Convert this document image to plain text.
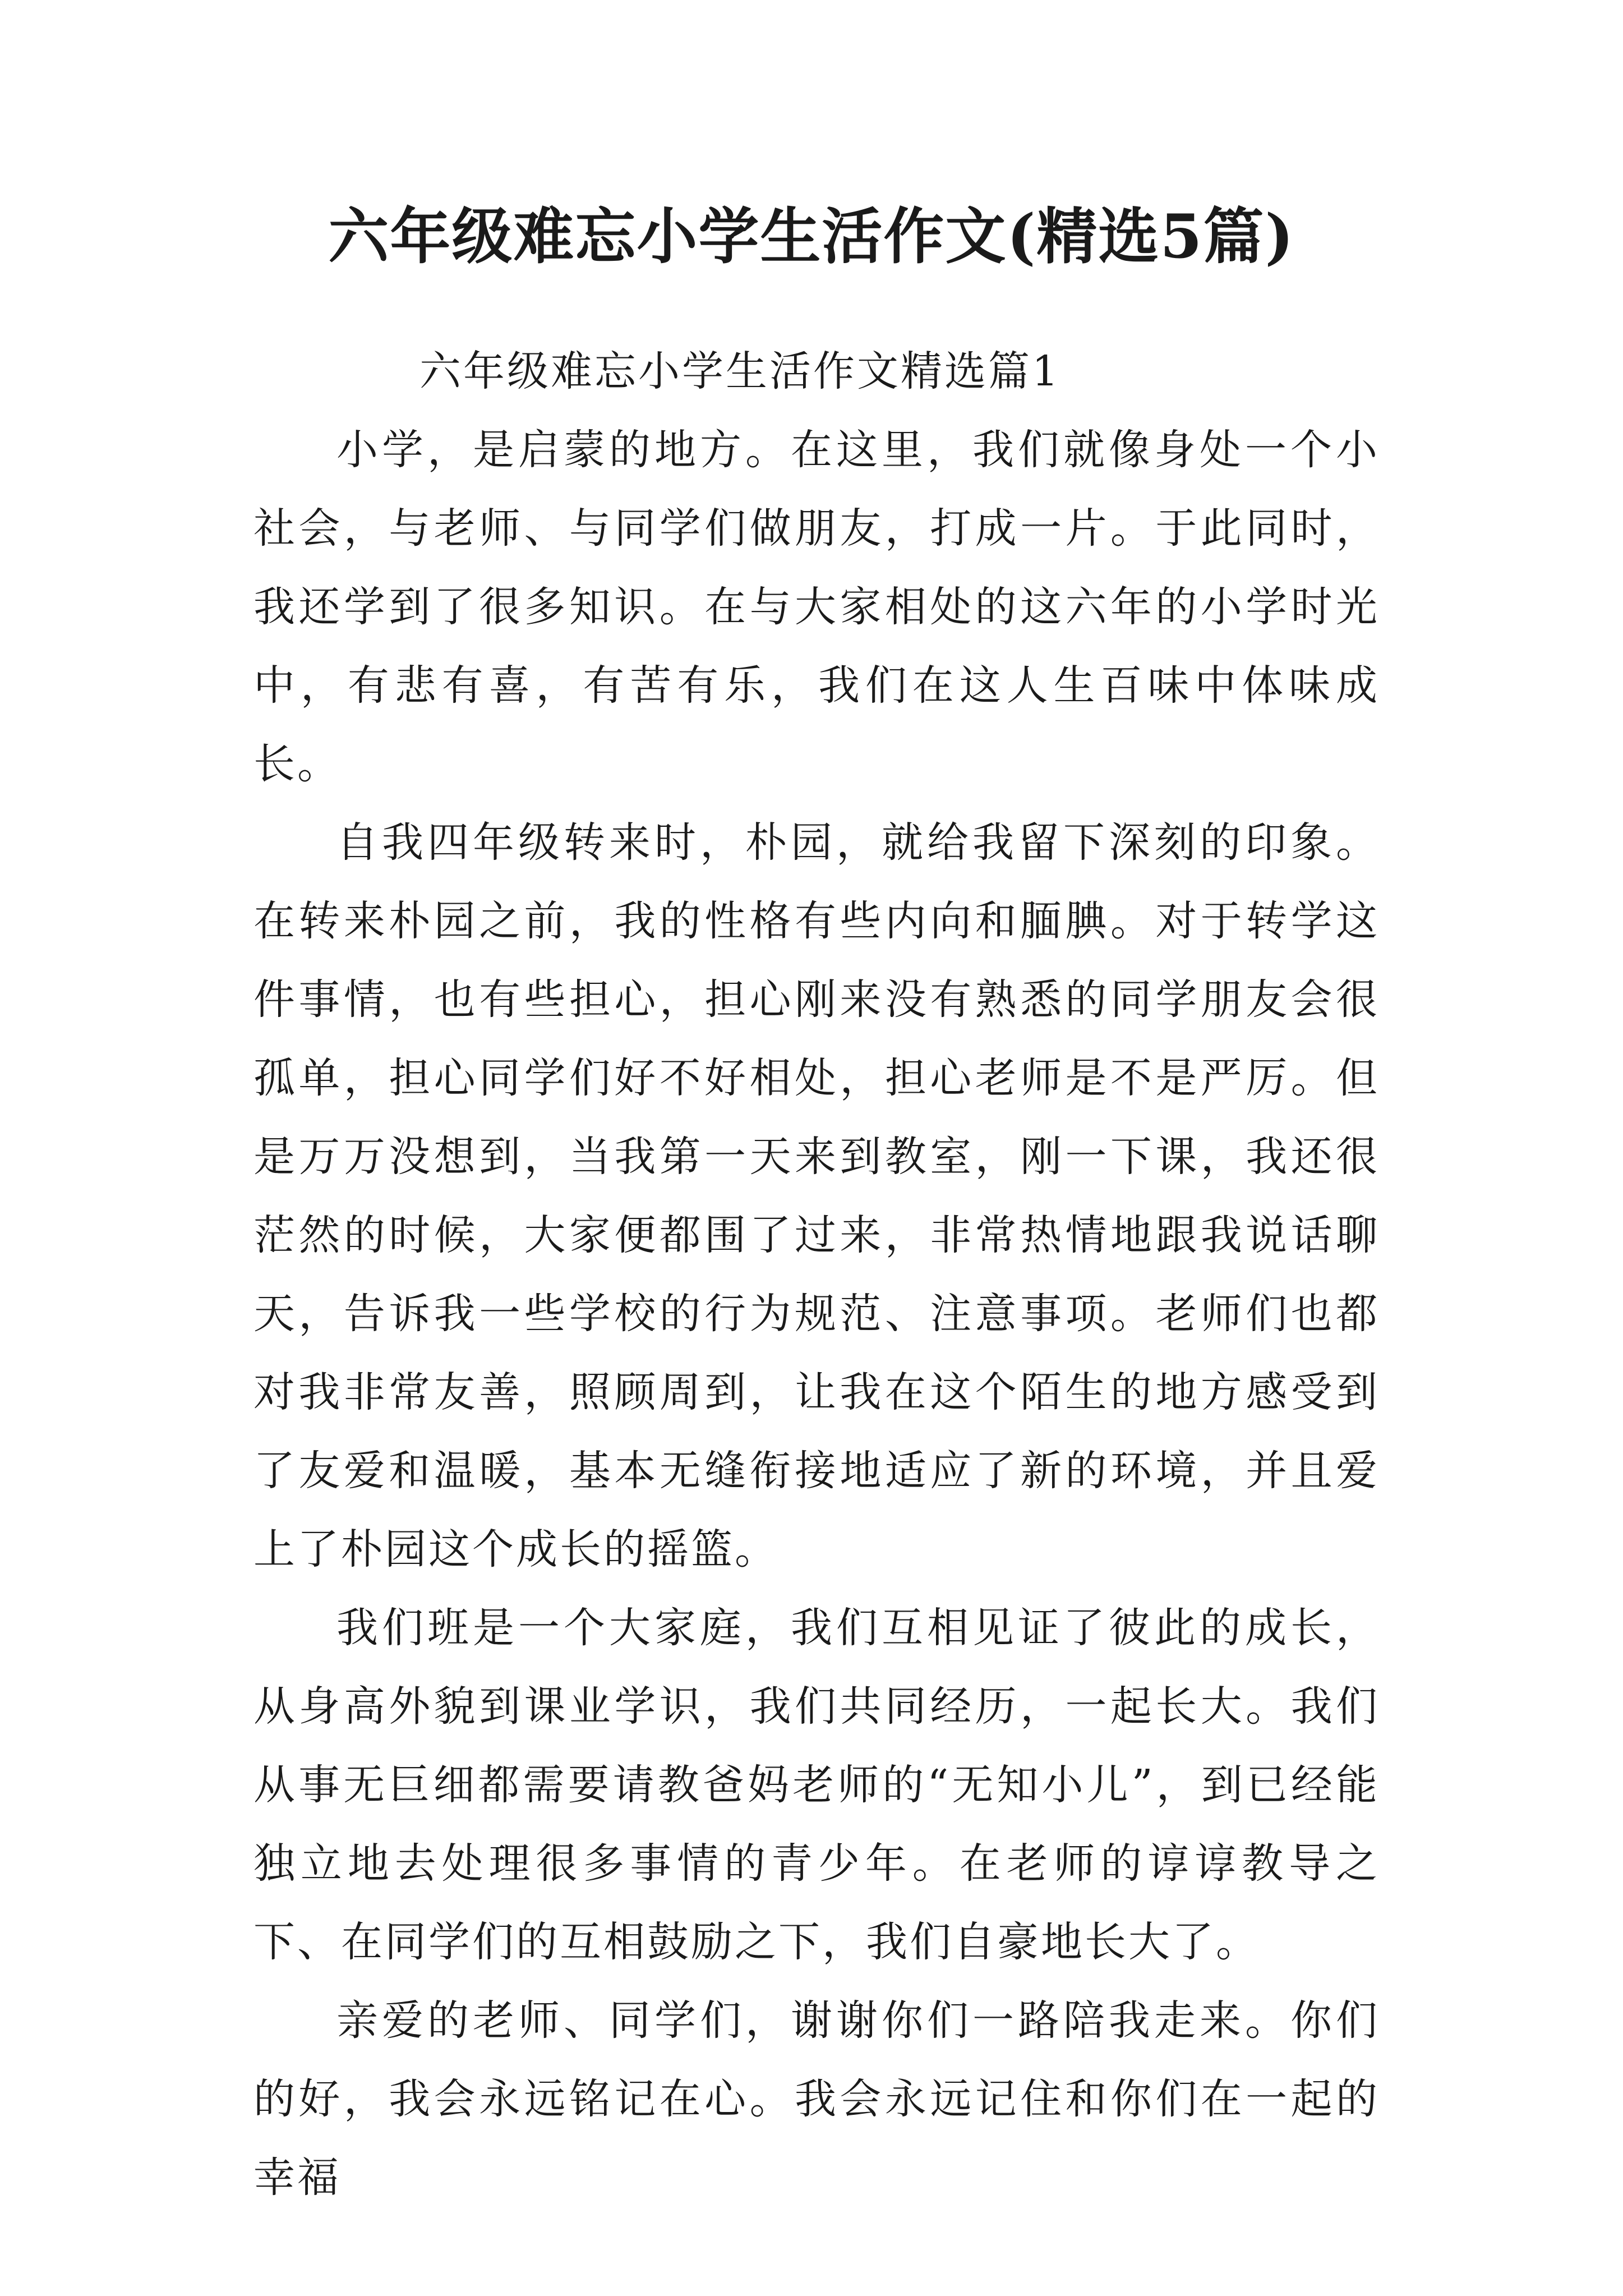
六年级难忘小学生活作文(精选5篇)

六年级难忘小学生活作文精选篇1

小学，是启蒙的地方。在这里，我们就像身处一个小社会，与老师、与同学们做朋友，打成一片。于此同时，我还学到了很多知识。在与大家相处的这六年的小学时光中，有悲有喜，有苦有乐，我们在这人生百味中体味成长。

自我四年级转来时，朴园，就给我留下深刻的印象。在转来朴园之前，我的性格有些内向和腼腆。对于转学这件事情，也有些担心，担心刚来没有熟悉的同学朋友会很孤单，担心同学们好不好相处，担心老师是不是严厉。但是万万没想到，当我第一天来到教室，刚一下课，我还很茫然的时候，大家便都围了过来，非常热情地跟我说话聊天，告诉我一些学校的行为规范、注意事项。老师们也都对我非常友善，照顾周到，让我在这个陌生的地方感受到了友爱和温暖，基本无缝衔接地适应了新的环境，并且爱上了朴园这个成长的摇篮。

我们班是一个大家庭，我们互相见证了彼此的成长，从身高外貌到课业学识，我们共同经历，一起长大。我们从事无巨细都需要请教爸妈老师的“无知小儿”，到已经能独立地去处理很多事情的青少年。在老师的谆谆教导之下、在同学们的互相鼓励之下，我们自豪地长大了。

亲爱的老师、同学们，谢谢你们一路陪我走来。你们的好，我会永远铭记在心。我会永远记住和你们在一起的幸福
